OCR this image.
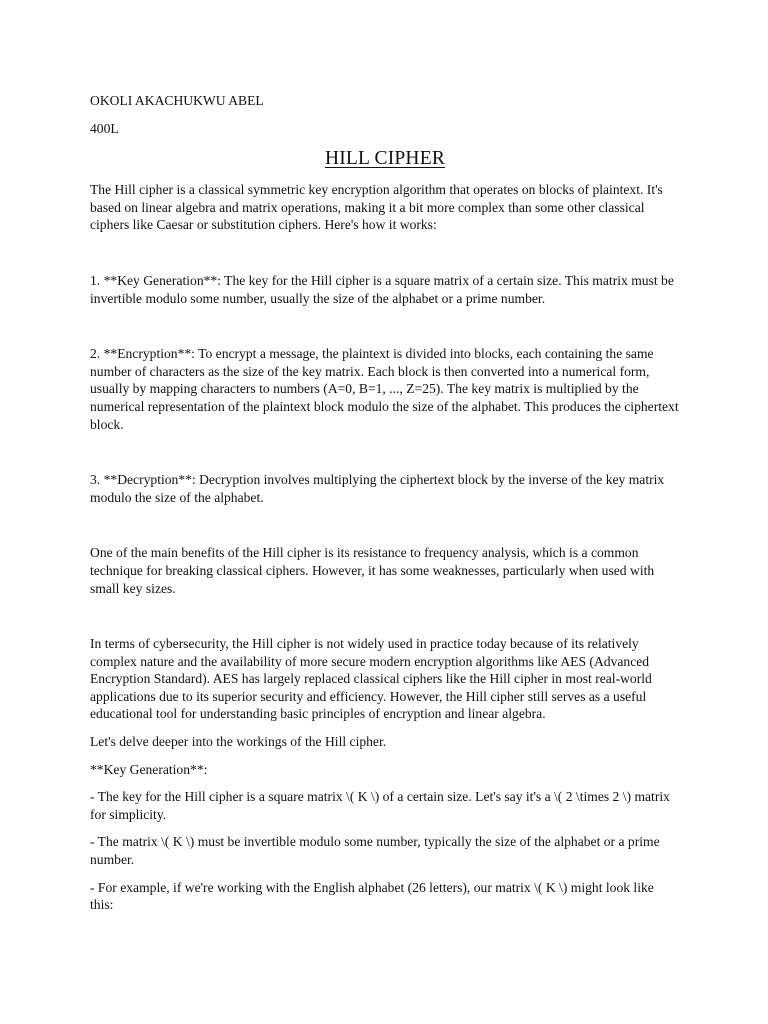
OKOLI AKACHUKWU ABEL

400L

HILL CIPHER

The Hill cipher is a classical symmetric key encryption algorithm that operates on blocks of plaintext. It's based on linear algebra and matrix operations, making it a bit more complex than some other classical ciphers like Caesar or substitution ciphers. Here's how it works:

1. **Key Generation**: The key for the Hill cipher is a square matrix of a certain size. This matrix must be invertible modulo some number, usually the size of the alphabet or a prime number.

2. **Encryption**: To encrypt a message, the plaintext is divided into blocks, each containing the same number of characters as the size of the key matrix. Each block is then converted into a numerical form, usually by mapping characters to numbers (A=0, B=1, ..., Z=25). The key matrix is multiplied by the numerical representation of the plaintext block modulo the size of the alphabet. This produces the ciphertext block.

3. **Decryption**: Decryption involves multiplying the ciphertext block by the inverse of the key matrix modulo the size of the alphabet.

One of the main benefits of the Hill cipher is its resistance to frequency analysis, which is a common technique for breaking classical ciphers. However, it has some weaknesses, particularly when used with small key sizes.

In terms of cybersecurity, the Hill cipher is not widely used in practice today because of its relatively complex nature and the availability of more secure modern encryption algorithms like AES (Advanced Encryption Standard). AES has largely replaced classical ciphers like the Hill cipher in most real-world applications due to its superior security and efficiency. However, the Hill cipher still serves as a useful educational tool for understanding basic principles of encryption and linear algebra.

Let's delve deeper into the workings of the Hill cipher.

**Key Generation**:

- The key for the Hill cipher is a square matrix \( K \) of a certain size. Let's say it's a \( 2 \times 2 \) matrix for simplicity.

- The matrix \( K \) must be invertible modulo some number, typically the size of the alphabet or a prime number.

- For example, if we're working with the English alphabet (26 letters), our matrix \( K \) might look like this:
